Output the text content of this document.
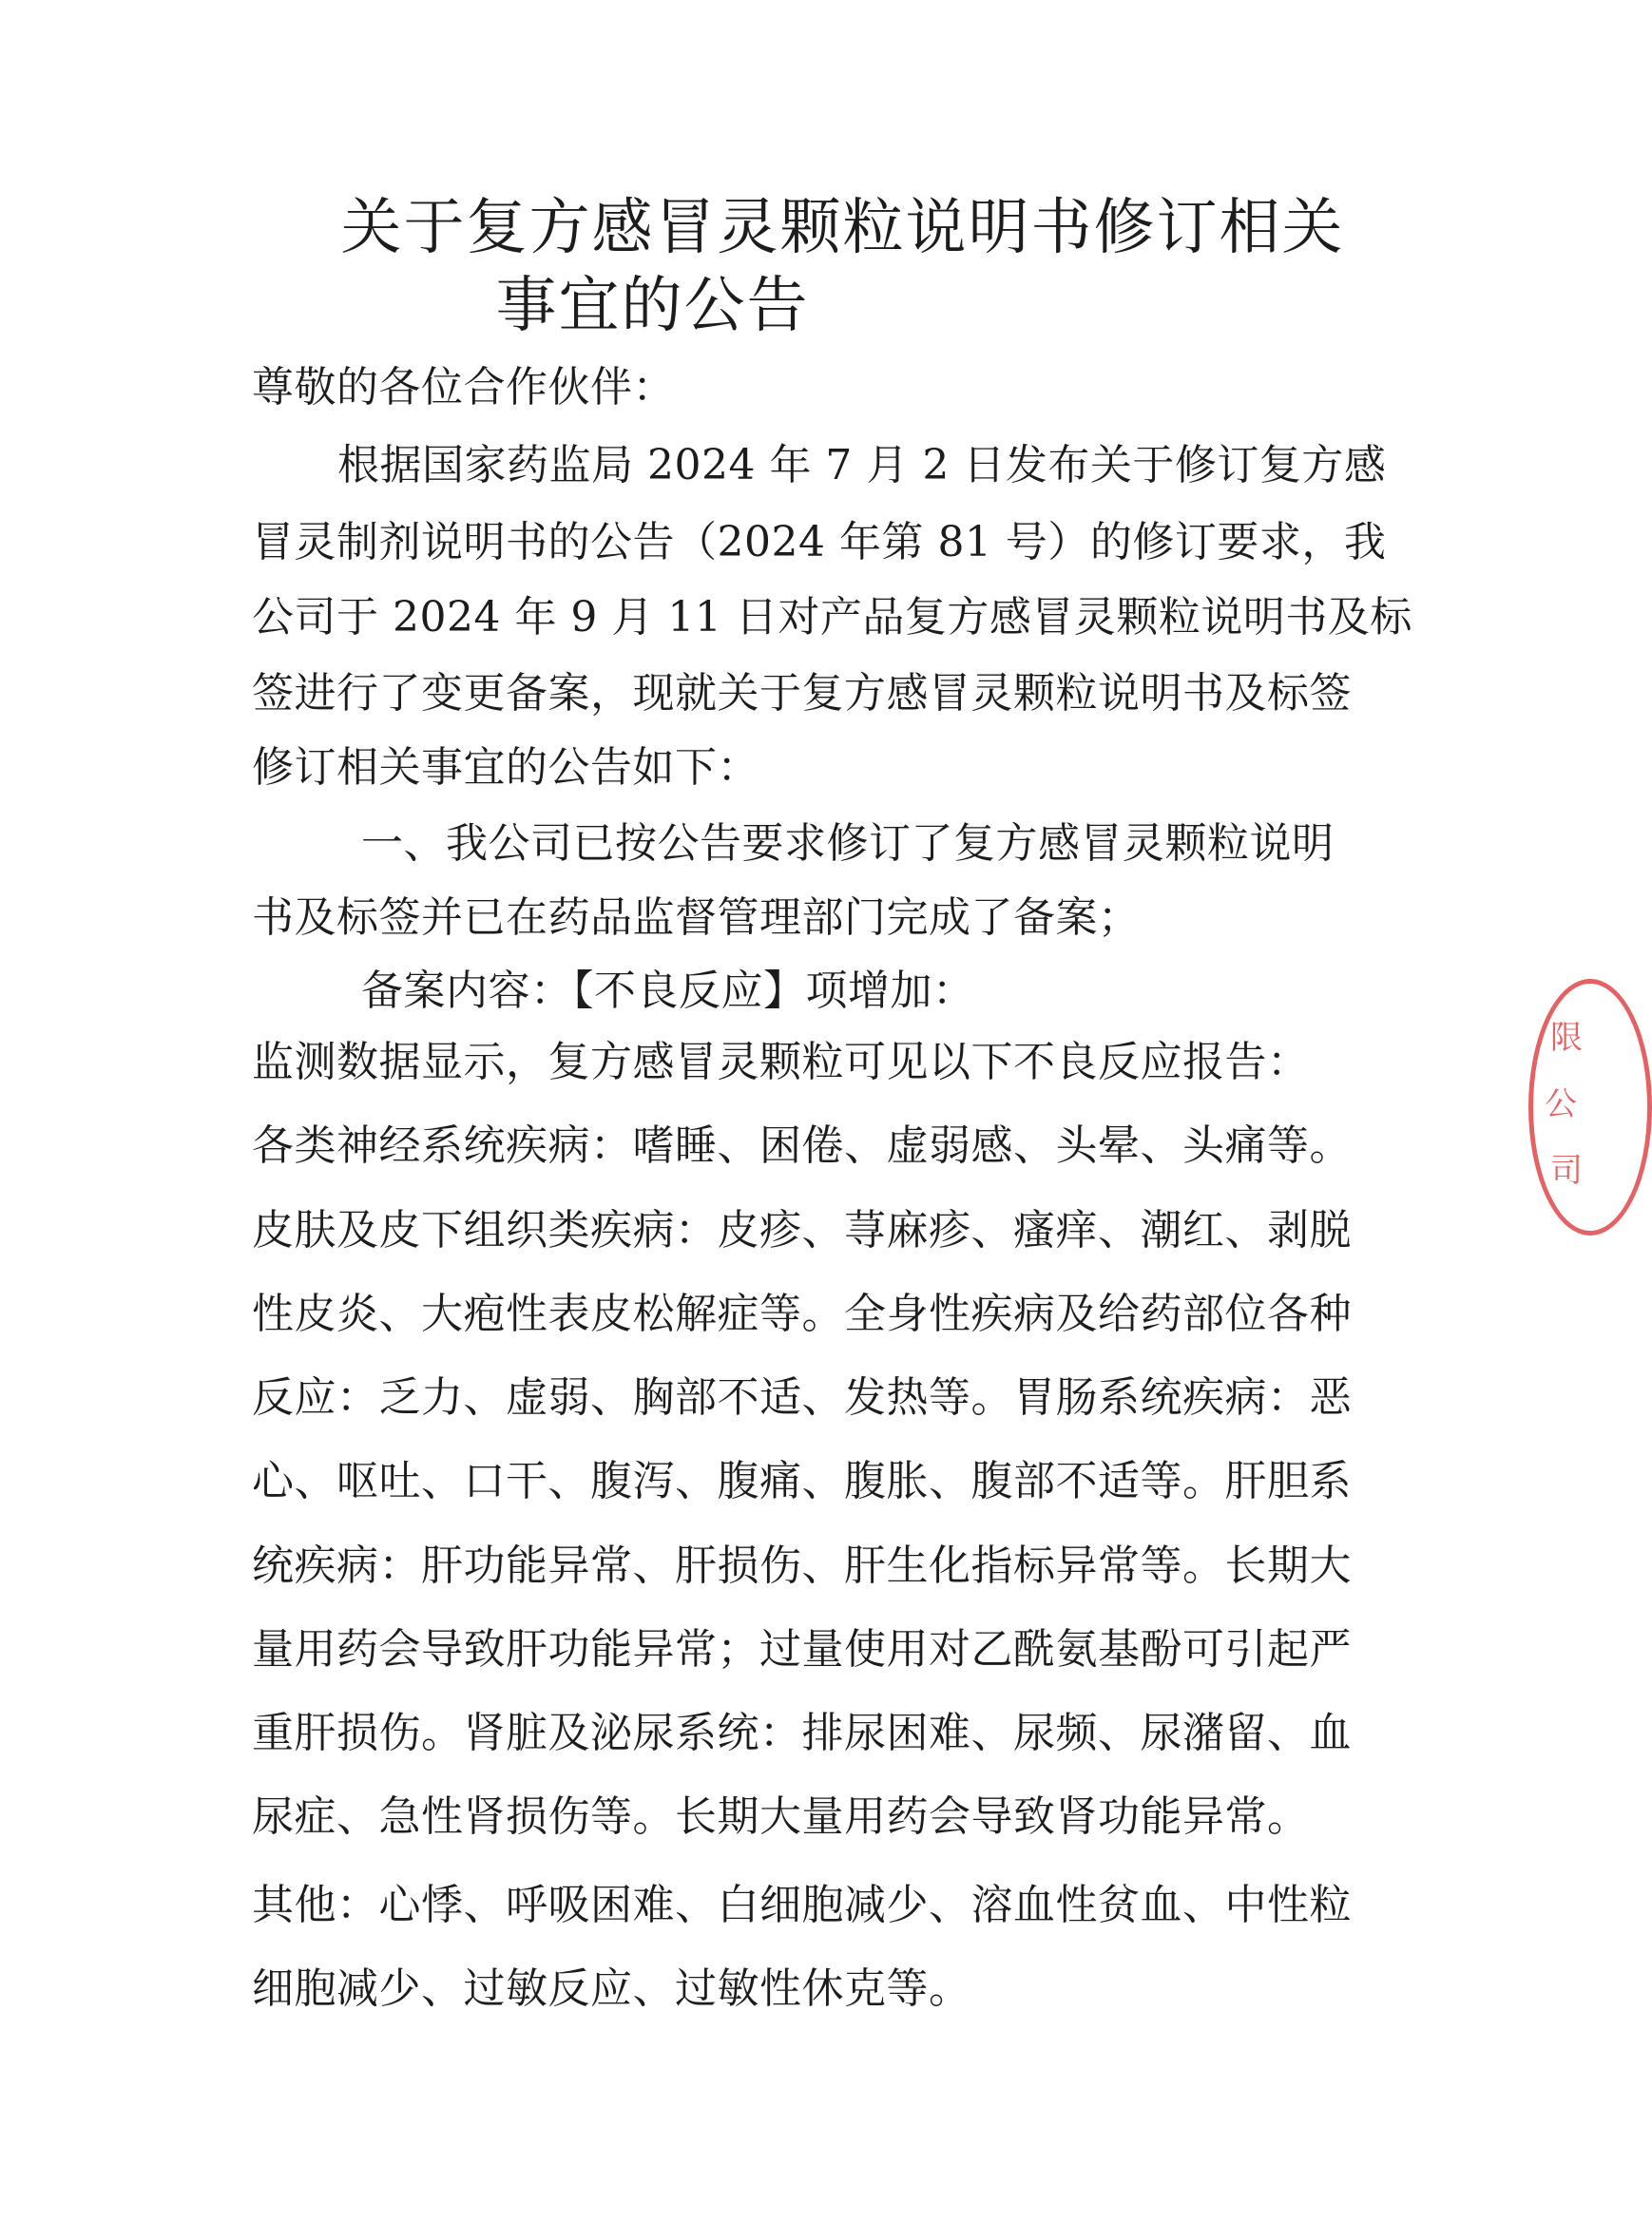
关于复方感冒灵颗粒说明书修订相关
事宜的公告
尊敬的各位合作伙伴：
根据国家药监局 2024 年 7 月 2 日发布关于修订复方感
冒灵制剂说明书的公告（2024 年第 81 号）的修订要求，我
公司于 2024 年 9 月 11 日对产品复方感冒灵颗粒说明书及标
签进行了变更备案，现就关于复方感冒灵颗粒说明书及标签
修订相关事宜的公告如下：
一、我公司已按公告要求修订了复方感冒灵颗粒说明
书及标签并已在药品监督管理部门完成了备案；
备案内容：【不良反应】项增加：
监测数据显示，复方感冒灵颗粒可见以下不良反应报告：
各类神经系统疾病：嗜睡、困倦、虚弱感、头晕、头痛等。
皮肤及皮下组织类疾病：皮疹、荨麻疹、瘙痒、潮红、剥脱
性皮炎、大疱性表皮松解症等。全身性疾病及给药部位各种
反应：乏力、虚弱、胸部不适、发热等。胃肠系统疾病：恶
心、呕吐、口干、腹泻、腹痛、腹胀、腹部不适等。肝胆系
统疾病：肝功能异常、肝损伤、肝生化指标异常等。长期大
量用药会导致肝功能异常；过量使用对乙酰氨基酚可引起严
重肝损伤。肾脏及泌尿系统：排尿困难、尿频、尿潴留、血
尿症、急性肾损伤等。长期大量用药会导致肾功能异常。
其他：心悸、呼吸困难、白细胞减少、溶血性贫血、中性粒
细胞减少、过敏反应、过敏性休克等。
限
公
司
